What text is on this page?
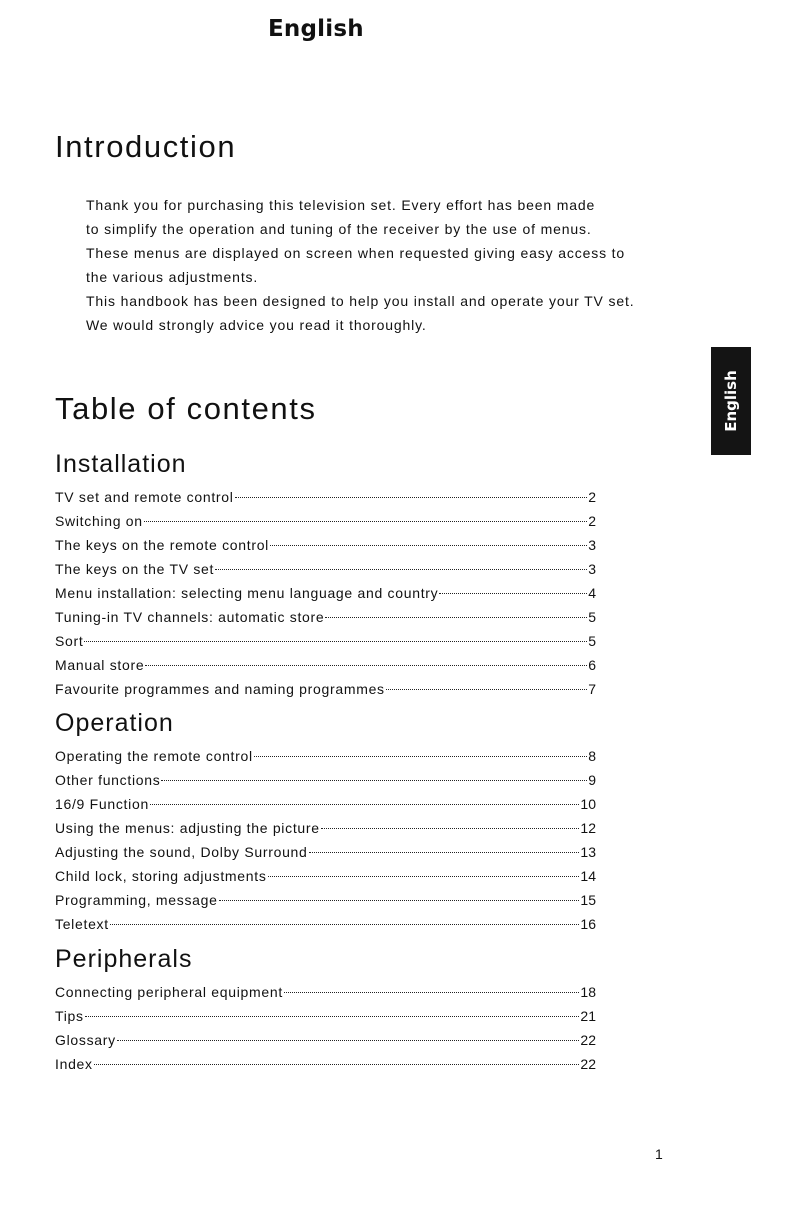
English
English
Introduction

Thank you for purchasing this television set. Every effort has been made

to simplify the operation and tuning of the receiver by the use of menus.

These menus are displayed on screen when requested giving easy access to

the various adjustments.

This handbook has been designed to help you install and operate your TV set.

We would strongly advice you read it thoroughly.

Table of contents
Installation
TV set and remote control	2
Switching on	2
The keys on the remote control	3
The keys on the TV set	3
Menu installation: selecting menu language and country	4
Tuning-in TV channels: automatic store	5
Sort	5
Manual store	6
Favourite programmes and naming programmes	7
Operation
Operating the remote control	8
Other functions	9
16/9 Function	10
Using the menus: adjusting the picture	12
Adjusting the sound, Dolby Surround	13
Child lock, storing adjustments	14
Programming, message	15
Teletext	16
Peripherals
Connecting peripheral equipment	18
Tips	21
Glossary	22
Index	22
1
